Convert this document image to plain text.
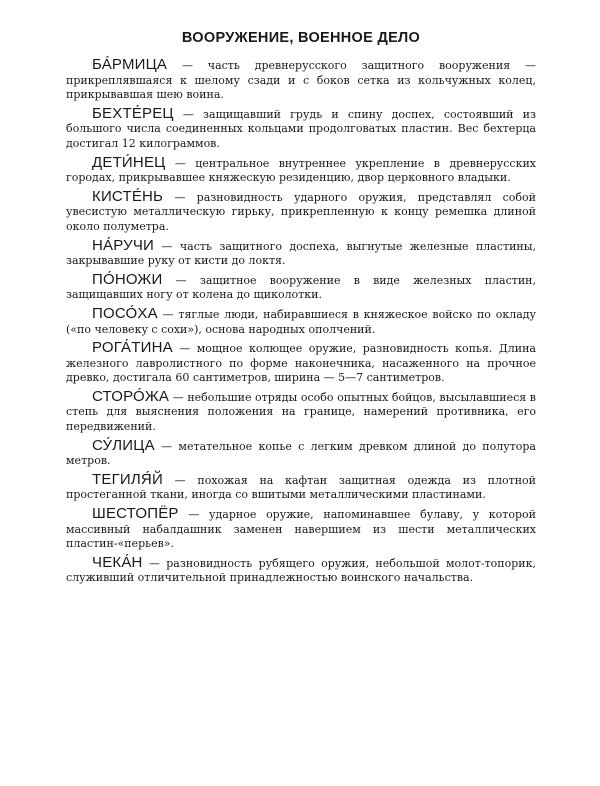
ВООРУЖЕНИЕ, ВОЕННОЕ ДЕЛО

БА́РМИЦА — часть древнерусского защитного вооружения — прикреплявшаяся к шелому сзади и с боков сетка из кольчужных колец, прикрывавшая шею воина.

БЕХТЕ́РЕЦ — защищавший грудь и спину доспех, состоявший из большого числа соединенных кольцами продолговатых пластин. Вес бехтерца достигал 12 килограммов.

ДЕТИ́НЕЦ — центральное внутреннее укрепление в древнерусских городах, прикрывавшее княжескую резиденцию, двор церковного владыки.

КИСТЕ́НЬ — разновидность ударного оружия, представлял собой увесистую металлическую гирьку, прикрепленную к концу ремешка длиной около полуметра.

НА́РУЧИ — часть защитного доспеха, выгнутые железные пластины, закрывавшие руку от кисти до локтя.

ПО́НОЖИ — защитное вооружение в виде железных пластин, защищавших ногу от колена до щиколотки.

ПОСО́ХА — тяглые люди, набиравшиеся в княжеское войско по окладу («по человеку с сохи»), основа народных ополчений.

РОГА́ТИНА — мощное колющее оружие, разновидность копья. Длина железного лавролистного по форме наконечника, насаженного на прочное древко, достигала 60 сантиметров, ширина — 5—7 сантиметров.

СТОРО́ЖА — небольшие отряды особо опытных бойцов, высылавшиеся в степь для выяснения положения на границе, намерений противника, его передвижений.

СУ́ЛИЦА — метательное копье с легким древком длиной до полутора метров.

ТЕГИЛЯ́Й — похожая на кафтан защитная одежда из плотной простеганной ткани, иногда со вшитыми металлическими пластинами.

ШЕСТОПЁР — ударное оружие, напоминавшее булаву, у которой массивный набалдашник заменен навершием из шести металлических пластин-«перьев».

ЧЕКА́Н — разновидность рубящего оружия, небольшой молот-топорик, служивший отличительной принадлежностью воинского начальства.
